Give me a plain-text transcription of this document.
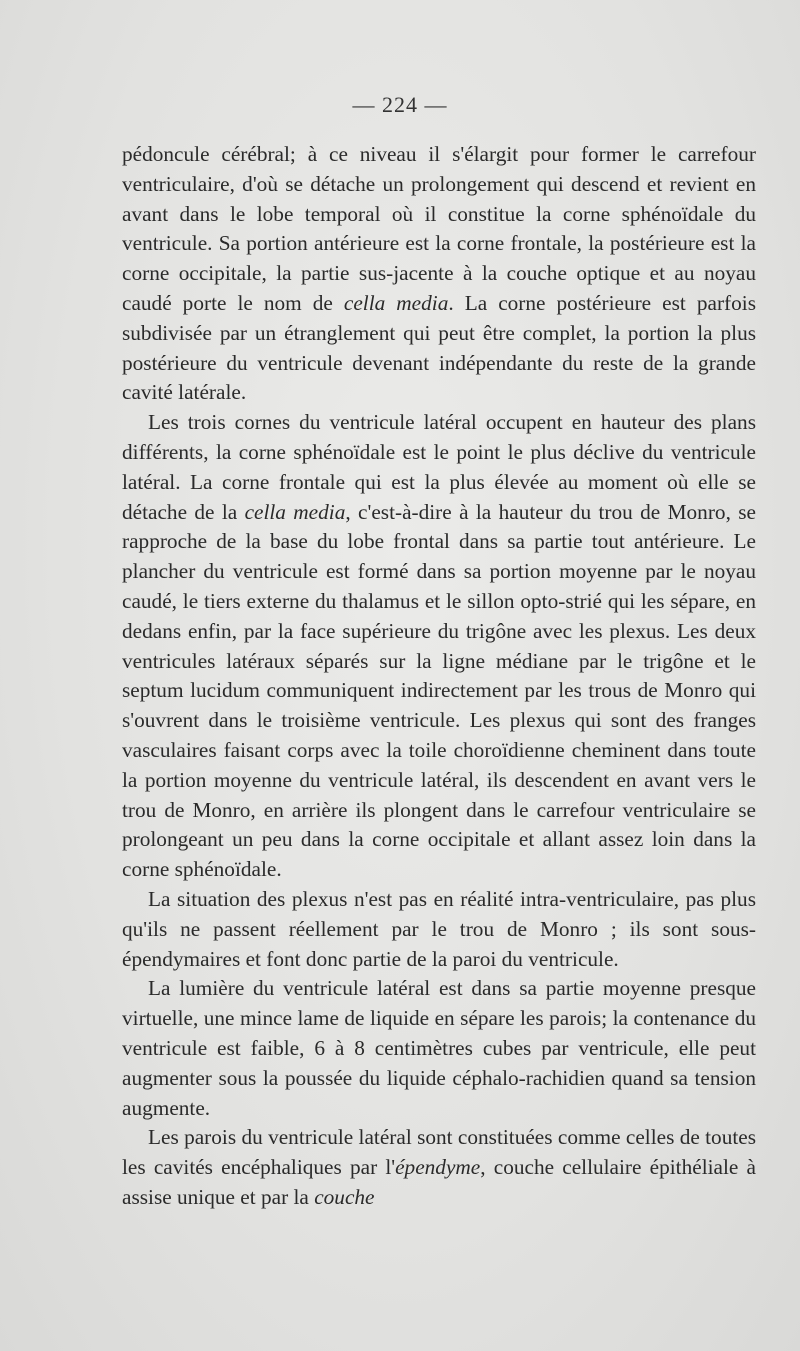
— 224 —

pédoncule cérébral; à ce niveau il s'élargit pour former le carrefour ventriculaire, d'où se détache un prolongement qui descend et revient en avant dans le lobe temporal où il constitue la corne sphénoïdale du ventricule. Sa portion antérieure est la corne frontale, la postérieure est la corne occipitale, la partie sus-jacente à la couche optique et au noyau caudé porte le nom de cella media. La corne postérieure est parfois subdivisée par un étranglement qui peut être complet, la portion la plus postérieure du ventricule devenant indépendante du reste de la grande cavité latérale.

Les trois cornes du ventricule latéral occupent en hauteur des plans différents, la corne sphénoïdale est le point le plus déclive du ventricule latéral. La corne frontale qui est la plus élevée au moment où elle se détache de la cella media, c'est-à-dire à la hauteur du trou de Monro, se rapproche de la base du lobe frontal dans sa partie tout antérieure. Le plancher du ventricule est formé dans sa portion moyenne par le noyau caudé, le tiers externe du thalamus et le sillon opto-strié qui les sépare, en dedans enfin, par la face supérieure du trigône avec les plexus. Les deux ventricules latéraux séparés sur la ligne médiane par le trigône et le septum lucidum communiquent indirectement par les trous de Monro qui s'ouvrent dans le troisième ventricule. Les plexus qui sont des franges vasculaires faisant corps avec la toile choroïdienne cheminent dans toute la portion moyenne du ventricule latéral, ils descendent en avant vers le trou de Monro, en arrière ils plongent dans le carrefour ventriculaire se prolongeant un peu dans la corne occipitale et allant assez loin dans la corne sphénoïdale.

La situation des plexus n'est pas en réalité intra-ventriculaire, pas plus qu'ils ne passent réellement par le trou de Monro ; ils sont sous-épendymaires et font donc partie de la paroi du ventricule.

La lumière du ventricule latéral est dans sa partie moyenne presque virtuelle, une mince lame de liquide en sépare les parois; la contenance du ventricule est faible, 6 à 8 centimètres cubes par ventricule, elle peut augmenter sous la poussée du liquide céphalo-rachidien quand sa tension augmente.

Les parois du ventricule latéral sont constituées comme celles de toutes les cavités encéphaliques par l'épendyme, couche cellulaire épithéliale à assise unique et par la couche
